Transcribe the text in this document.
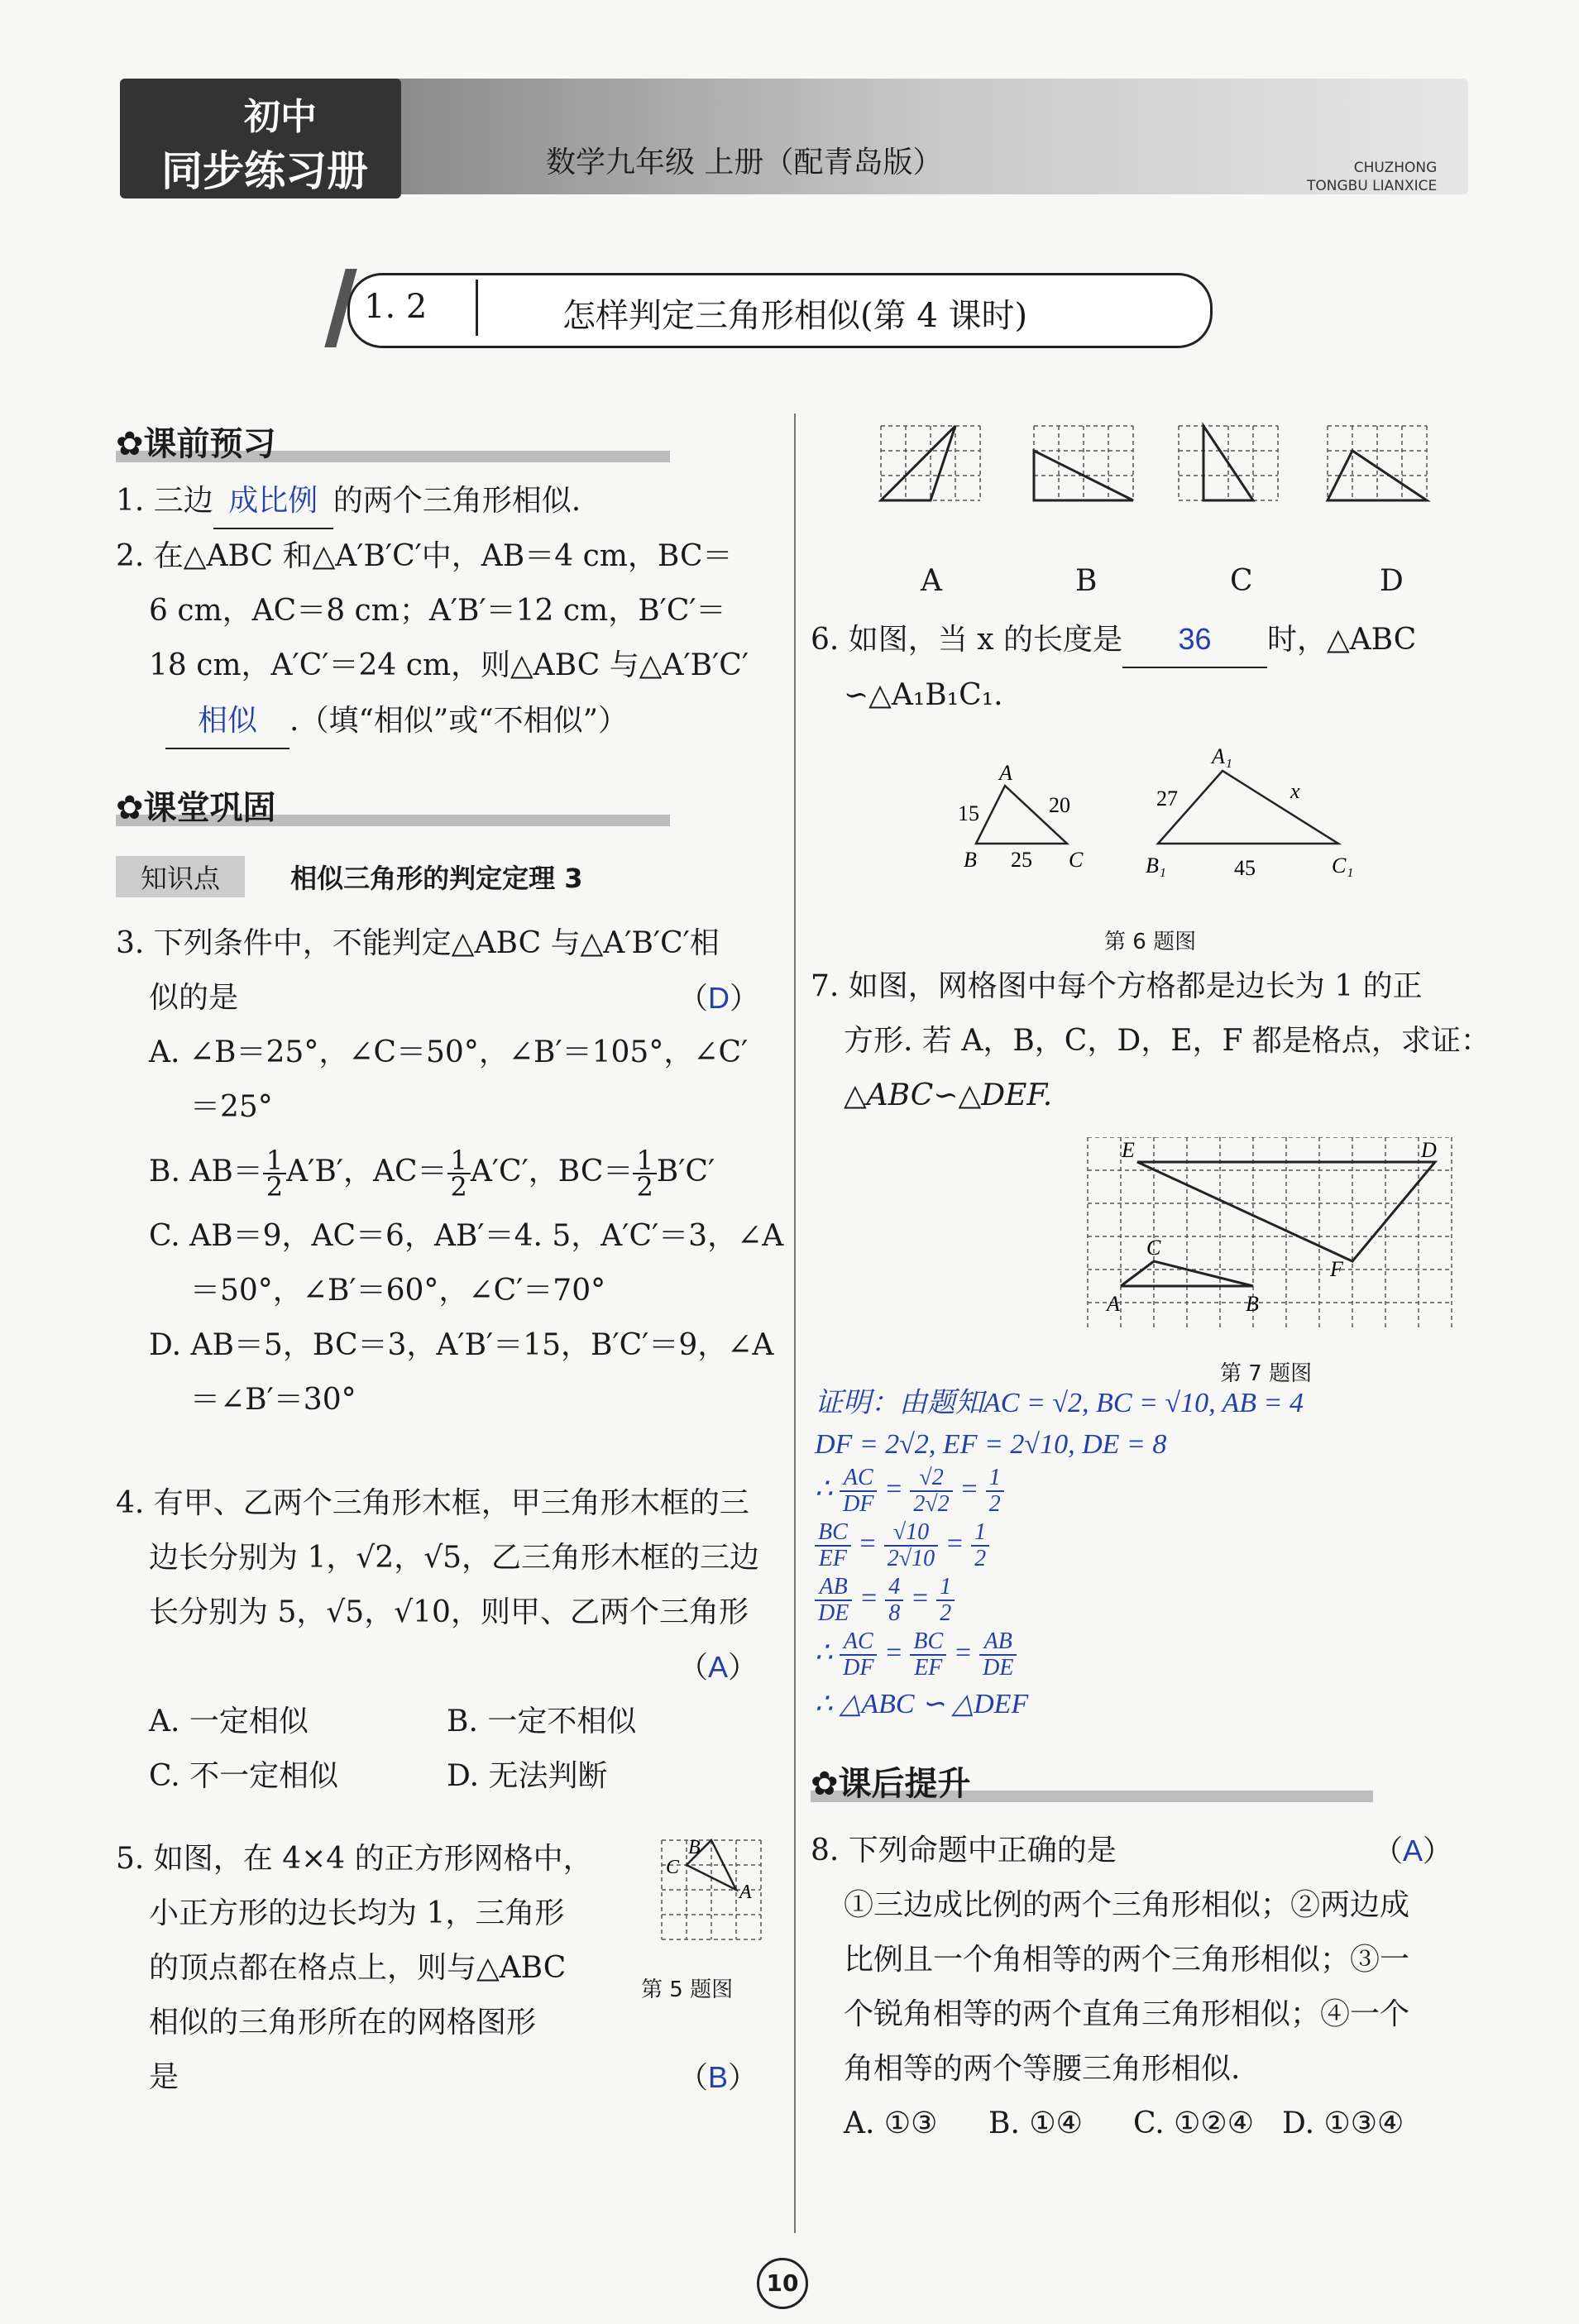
初中
同步练习册	数学九年级 上册（配青岛版）	CHUZHONG
TONGBU LIANXICE
1. 2	怎样判定三角形相似(第 4 课时)
✿课前预习
1. 三边 成比例 的两个三角形相似.
2. 在△ABC 和△A′B′C′中，AB＝4 cm，BC＝
6 cm，AC＝8 cm；A′B′＝12 cm，B′C′＝
18 cm，A′C′＝24 cm，则△ABC 与△A′B′C′
相似 .（填“相似”或“不相似”）
✿课堂巩固
知识点	相似三角形的判定定理 3
3. 下列条件中，不能判定△ABC 与△A′B′C′相
似的是	（D）
A. ∠B＝25°，∠C＝50°，∠B′＝105°，∠C′
＝25°
B. $AB= \frac{1}{2} A'B'$，$AC= \frac{1}{2} A'C'$，$BC= \frac{1}{2} B'C'$
C. AB＝9，AC＝6，AB′＝4. 5，A′C′＝3，∠A
＝50°，∠B′＝60°，∠C′＝70°
D. AB＝5，BC＝3，A′B′＝15，B′C′＝9，∠A
＝∠B′＝30°
4. 有甲、乙两个三角形木框，甲三角形木框的三
边长分别为 1，√2，√5，乙三角形木框的三边
长分别为 5，√5，√10，则甲、乙两个三角形
（A）
A. 一定相似	B. 一定不相似
C. 不一定相似	D. 无法判断
5. 如图，在 4×4 的正方形网格中，
小正方形的边长均为 1，三角形
的顶点都在格点上，则与△ABC
相似的三角形所在的网格图形
是	（B）
B
C
A
第 5 题图
A	B	C	D
6. 如图，当 x 的长度是 36 时，△ABC
∽△A₁B₁C₁.
A
B	C
15	20
25
A₁
B₁	C₁
27	x
45
第 6 题图
7. 如图，网格图中每个方格都是边长为 1 的正
方形. 若 A，B，C，D，E，F 都是格点，求证：
△ABC∽△DEF.
A	B
C
D
E
F
第 7 题图
证明：由题知AC = √2, BC = √10, AB = 4
DF = 2√2, EF = 2√10, DE = 8
∴ $\frac{AC}{DF} = \frac{√2}{2√2} = \frac{1}{2}$
$\frac{BC}{EF} = \frac{√10}{2√10} = \frac{1}{2}$
$\frac{AB}{DE} = \frac{4}{8} = \frac{1}{2}$
∴ $\frac{AC}{DF} = \frac{BC}{EF} = \frac{AB}{DE}$
∴ △ABC ∽ △DEF
✿课后提升
8. 下列命题中正确的是	（A）
①三边成比例的两个三角形相似；②两边成
比例且一个角相等的两个三角形相似；③一
个锐角相等的两个直角三角形相似；④一个
角相等的两个等腰三角形相似.
A. ①③ B. ①④ C. ①②④ D. ①③④
10
